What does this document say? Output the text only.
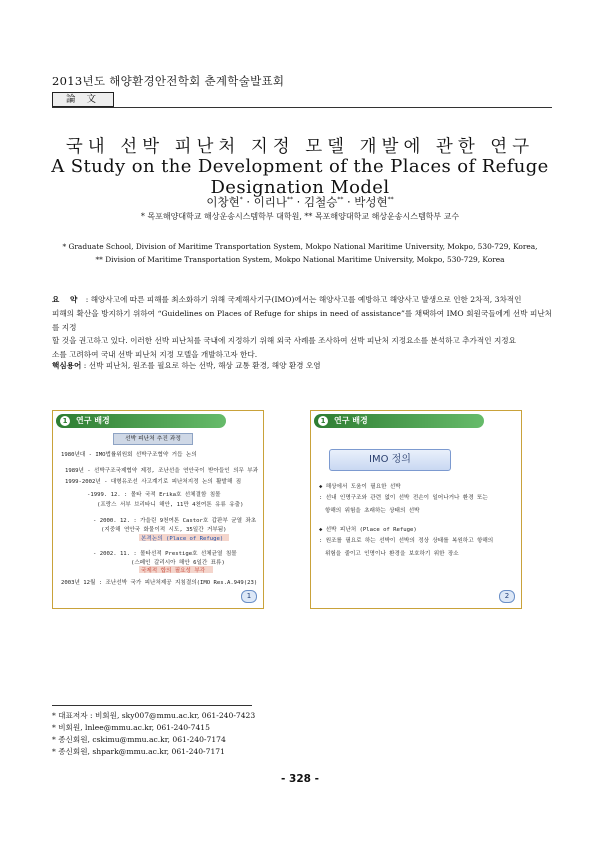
2013년도 해양환경안전학회 춘계학술발표회
論 文
국내 선박 피난처 지정 모델 개발에 관한 연구
A Study on the Development of the Places of Refuge Designation Model
이창현* · 이리나** · 김철승** · 박성현**
* 목포해양대학교 해상운송시스템학부 대학원, ** 목포해양대학교 해상운송시스템학부 교수
* Graduate School, Division of Maritime Transportation System, Mokpo National Maritime University, Mokpo, 530-729, Korea,
** Division of Maritime Transportation System, Mokpo National Maritime University, Mokpo, 530-729, Korea
요 약 : 해양사고에 따른 피해를 최소화하기 위해 국제해사기구(IMO)에서는 해양사고를 예방하고 해양사고 발생으로 인한 2차적, 3차적인
피해의 확산을 방지하기 위하여 “Guidelines on Places of Refuge for ships in need of assistance”를 채택하여 IMO 회원국들에게 선박 피난처를 지정
할 것을 권고하고 있다. 이러한 선박 피난처를 국내에 지정하기 위해 외국 사례를 조사하여 선박 피난처 지정요소를 분석하고 추가적인 지정요
소를 고려하여 국내 선박 피난처 지정 모델을 개발하고자 한다.
핵심용어 : 선박 피난처, 원조를 필요로 하는 선박, 해상 교통 환경, 해양 환경 오염
1	연구 배경
선박 피난처 추진 과정
1980년대 - IMO법률위원회 선박구조협약 거듭 논의
1989년 - 선박구조국제협약 제정, 조난선을 연안국이 받아들인 의무 부과
1999-2002년 - 대형유조선 사고계기로 피난처지정 논의 활발해 짐
-1999. 12. : 몰타 국적 Erika호 선체결함 침몰
(프랑스 서부 브리타니 해안, 11만 4천여톤 유류 유출)
- 2000. 12. : 가을린 9천여톤 Castor호 갑판부 균열 좌초
(지중해 연안국 화물이적 시도, 35일간 거부됨)
본격논의 (Place of Refuge)
- 2002. 11. : 몰타선적 Prestige호 선체균열 침몰
(스페인 갈리시아 해안 6일간 표류)
국제적 합의 필요성 부각
2003년 12월 : 조난선박 국가 피난처제공 지침결의(IMO Res.A.949(23)
1
1	연구 배경
IMO 정의
◆ 해상에서 도움이 필요한 선박
: 선내 인명구조와 관련 없이 선박 전손이 일어나거나 환경 또는
항해의 위험을 초래하는 상태의 선박
◆ 선박 피난처 (Place of Refuge)
: 원조를 필요로 하는 선박이 선박의 정상 상태를 복원하고 항해의
위험을 줄이고 인명이나 환경을 보호하기 위한 장소
2
* 대표저자 : 비회원, sky007@mmu.ac.kr, 061-240-7423
* 비회원, lnlee@mmu.ac.kr, 061-240-7415
* 종신회원, cskimu@mmu.ac.kr, 061-240-7174
* 종신회원, shpark@mmu.ac.kr, 061-240-7171
- 328 -
